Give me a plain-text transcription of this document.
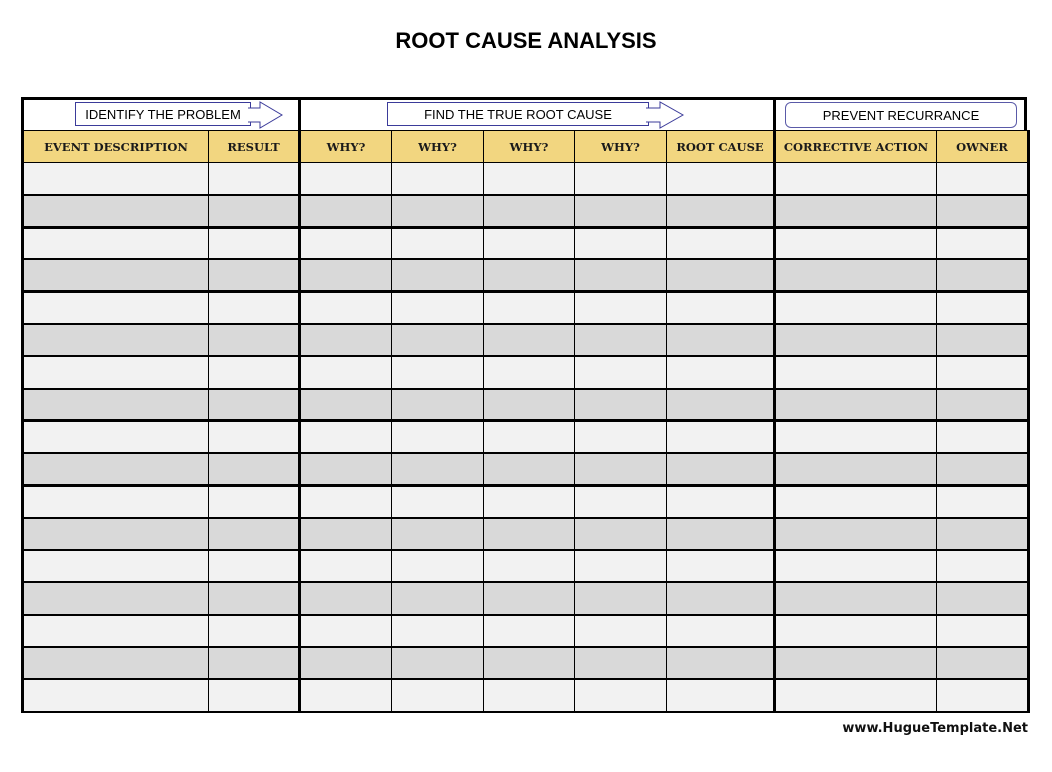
ROOT CAUSE ANALYSIS
IDENTIFY THE PROBLEM	FIND THE TRUE ROOT CAUSE	PREVENT RECURRANCE
EVENT DESCRIPTION	RESULT	WHY?	WHY?	WHY?	WHY?	ROOT CAUSE	CORRECTIVE ACTION	OWNER

www.HugueTemplate.Net
